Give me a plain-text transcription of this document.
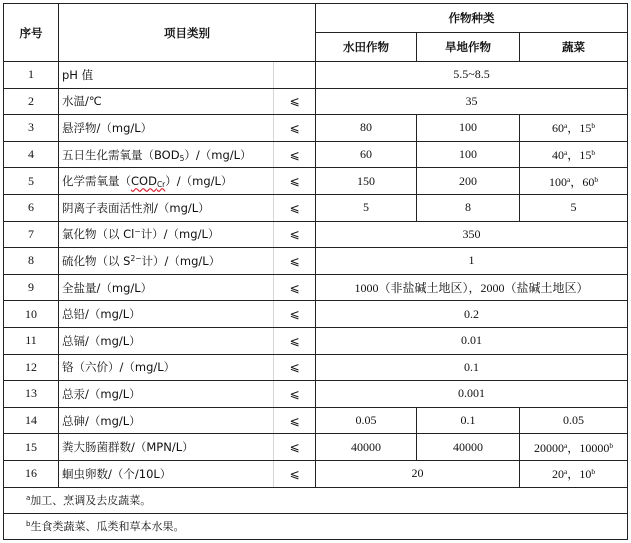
序号	项目类别		作物种类		
			水田作物	旱地作物	蔬菜
1	pH 值		5.5~8.5		
2	水温/℃	⩽	35		
3	悬浮物/（mg/L）	⩽	80	100	60$^a$，15$^b$
4	五日生化需氧量$(BOD_5)/(mg/L)$	⩽	60	100	40$^a$，15$^b$
5	化学需氧量$(COD_{Cr})/(mg/L)$	⩽	150	200	100$^a$，60$^b$
6	阴离子表面活性剂/（mg/L）	⩽	5	8	5
7	氯化物（以 Cl−计）/（mg/L）	⩽	350		
8	硫化物（以 $S^{2-}$计）/（mg/L）	⩽	1		
9	全盐量/（mg/L）	⩽	1000（非盐碱土地区），2000（盐碱土地区）		
10	总铅/（mg/L）	⩽	0.2		
11	总镉/（mg/L）	⩽	0.01		
12	铬（六价）/（mg/L）	⩽	0.1		
13	总汞/（mg/L）	⩽	0.001		
14	总砷/（mg/L）	⩽	0.05	0.1	0.05
15	粪大肠菌群数/（MPN/L）	⩽	40000	40000	20000$^a$，10000$^b$
16	蛔虫卵数/（个/10L）	⩽	20		20$^a$，10$^b$
$^a$加工、烹调及去皮蔬菜。					
$^b$生食类蔬菜、瓜类和草本水果。					
